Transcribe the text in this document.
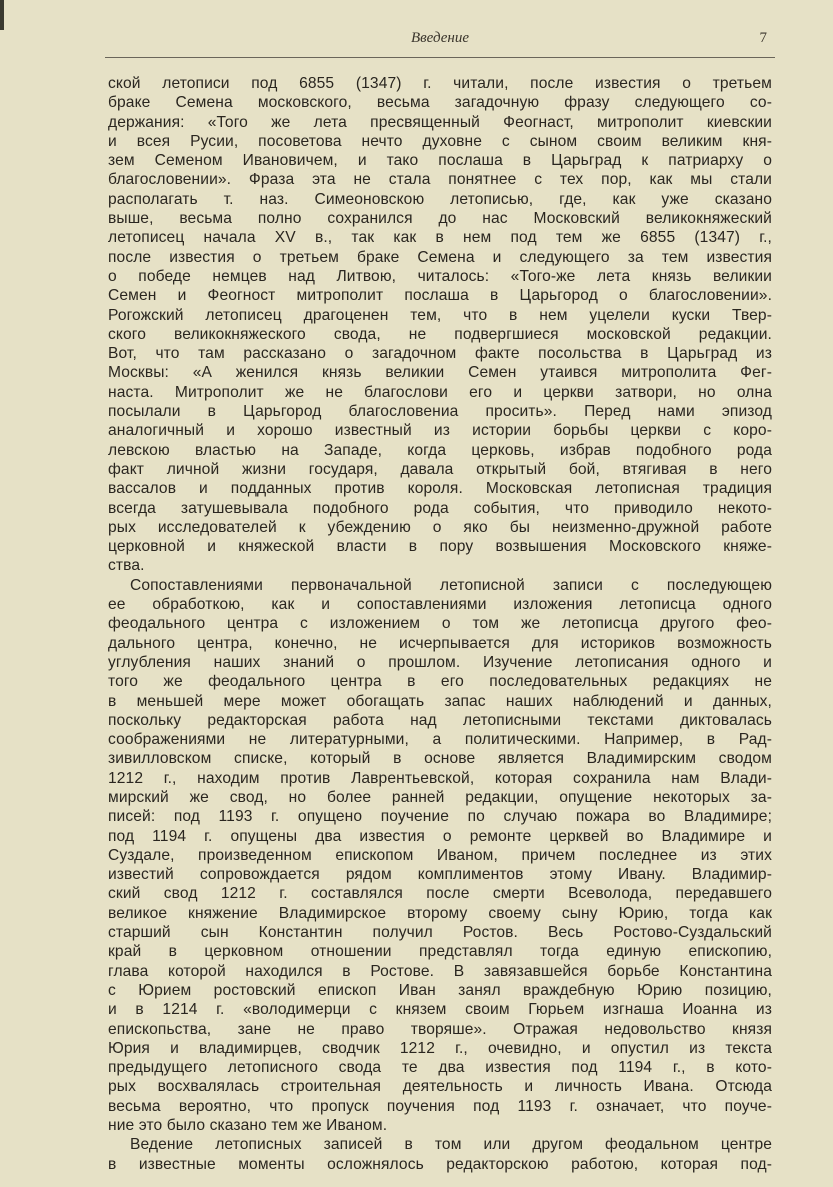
Введение	7
ской летописи под 6855 (1347) г. читали, после известия о третьем
браке Семена московского, весьма загадочную фразу следующего со-
держания: «Того же лета пресвященный Феогнаст, митрополит киевскии
и всея Русии, посоветова нечто духовне с сыном своим великим кня-
зем Семеном Ивановичем, и тако послаша в Царьград к патриарху о
благословении». Фраза эта не стала понятнее с тех пор, как мы стали
располагать т. наз. Симеоновскою летописью, где, как уже сказано
выше, весьма полно сохранился до нас Московский великокняжеский
летописец начала XV в., так как в нем под тем же 6855 (1347) г.,
после известия о третьем браке Семена и следующего за тем известия
о победе немцев над Литвою, читалось: «Того-же лета князь великии
Семен и Феогност митрополит послаша в Царьгород о благословении».
Рогожский летописец драгоценен тем, что в нем уцелели куски Твер-
ского великокняжеского свода, не подвергшиеся московской редакции.
Вот, что там рассказано о загадочном факте посольства в Царьград из
Москвы: «А женился князь великии Семен утаився митрополита Фег-
наста. Митрополит же не благослови его и церкви затвори, но олна
посылали в Царьгород благословениа просить». Перед нами эпизод
аналогичный и хорошо известный из истории борьбы церкви с коро-
левскою властью на Западе, когда церковь, избрав подобного рода
факт личной жизни государя, давала открытый бой, втягивая в него
вассалов и подданных против короля. Московская летописная традиция
всегда затушевывала подобного рода события, что приводило некото-
рых исследователей к убеждению о яко бы неизменно-дружной работе
церковной и княжеской власти в пору возвышения Московского княже-
ства.
Сопоставлениями первоначальной летописной записи с последующею
ее обработкою, как и сопоставлениями изложения летописца одного
феодального центра с изложением о том же летописца другого фео-
дального центра, конечно, не исчерпывается для историков возможность
углубления наших знаний о прошлом. Изучение летописания одного и
того же феодального центра в его последовательных редакциях не
в меньшей мере может обогащать запас наших наблюдений и данных,
поскольку редакторская работа над летописными текстами диктовалась
соображениями не литературными, а политическими. Например, в Рад-
зивилловском списке, который в основе является Владимирским сводом
1212 г., находим против Лаврентьевской, которая сохранила нам Влади-
мирский же свод, но более ранней редакции, опущение некоторых за-
писей: под 1193 г. опущено поучение по случаю пожара во Владимире;
под 1194 г. опущены два известия о ремонте церквей во Владимире и
Суздале, произведенном епископом Иваном, причем последнее из этих
известий сопровождается рядом комплиментов этому Ивану. Владимир-
ский свод 1212 г. составлялся после смерти Всеволода, передавшего
великое княжение Владимирское второму своему сыну Юрию, тогда как
старший сын Константин получил Ростов. Весь Ростово-Суздальский
край в церковном отношении представлял тогда единую епископию,
глава которой находился в Ростове. В завязавшейся борьбе Константина
с Юрием ростовский епископ Иван занял враждебную Юрию позицию,
и в 1214 г. «володимерци с князем своим Гюрьем изгнаша Иоанна из
епископьства, зане не право творяше». Отражая недовольство князя
Юрия и владимирцев, сводчик 1212 г., очевидно, и опустил из текста
предыдущего летописного свода те два известия под 1194 г., в кото-
рых восхвалялась строительная деятельность и личность Ивана. Отсюда
весьма вероятно, что пропуск поучения под 1193 г. означает, что поуче-
ние это было сказано тем же Иваном.
Ведение летописных записей в том или другом феодальном центре
в известные моменты осложнялось редакторскою работою, которая под-
